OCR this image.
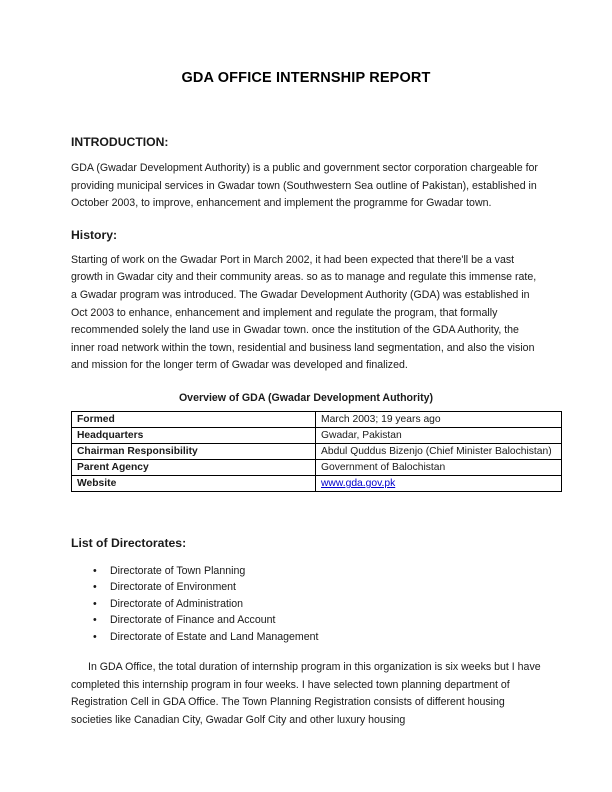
GDA OFFICE INTERNSHIP REPORT
INTRODUCTION:

GDA (Gwadar Development Authority) is a public and government sector corporation chargeable for providing municipal services in Gwadar town (Southwestern Sea outline of Pakistan), established in October 2003, to improve, enhancement and implement the programme for Gwadar town.

History:

Starting of work on the Gwadar Port in March 2002, it had been expected that there'll be a vast growth in Gwadar city and their community areas. so as to manage and regulate this immense rate, a Gwadar program was introduced. The Gwadar Development Authority (GDA) was established in Oct 2003 to enhance, enhancement and implement and regulate the program, that formally recommended solely the land use in Gwadar town. once the institution of the GDA Authority, the inner road network within the town, residential and business land segmentation, and also the vision and mission for the longer term of Gwadar was developed and finalized.

Overview of GDA (Gwadar Development Authority)
Formed	March 2003; 19 years ago
Headquarters	Gwadar, Pakistan
Chairman Responsibility	Abdul Quddus Bizenjo (Chief Minister Balochistan)
Parent Agency	Government of Balochistan
Website	www.gda.gov.pk
List of Directorates:
• Directorate of Town Planning
• Directorate of Environment
• Directorate of Administration
• Directorate of Finance and Account
• Directorate of Estate and Land Management

In GDA Office, the total duration of internship program in this organization is six weeks but I have completed this internship program in four weeks. I have selected town planning department of Registration Cell in GDA Office. The Town Planning Registration consists of different housing societies like Canadian City, Gwadar Golf City and other luxury housing
